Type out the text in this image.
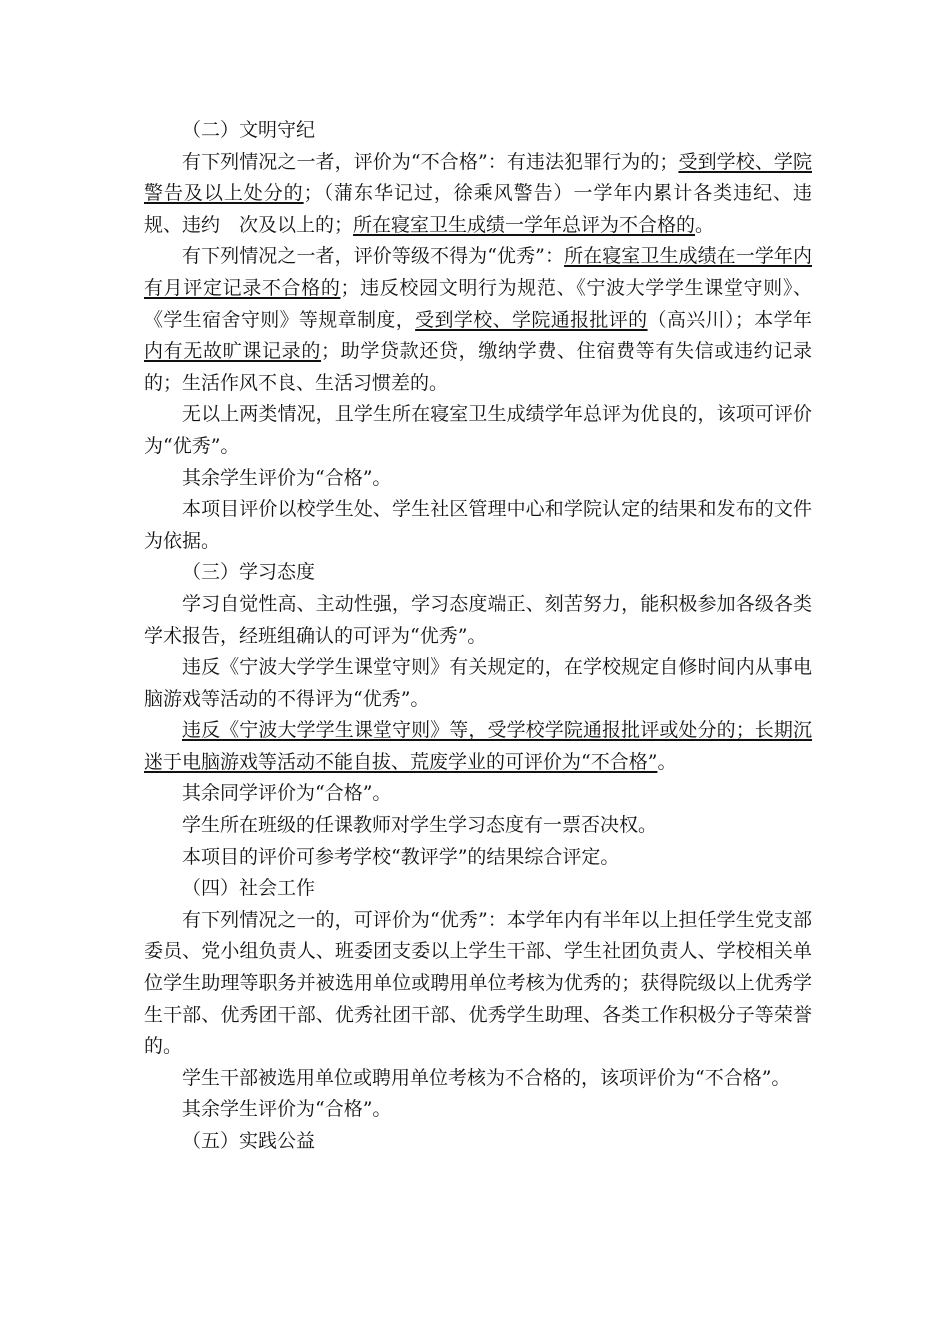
（二）文明守纪

有下列情况之一者，评价为“不合格”：有违法犯罪行为的；受到学校、学院警告及以上处分的；（蒲东华记过，徐乘风警告）一学年内累计各类违纪、违规、违约 次及以上的；所在寝室卫生成绩一学年总评为不合格的。

有下列情况之一者，评价等级不得为“优秀”：所在寝室卫生成绩在一学年内有月评定记录不合格的；违反校园文明行为规范、《宁波大学学生课堂守则》、《学生宿舍守则》等规章制度，受到学校、学院通报批评的（高兴川）；本学年内有无故旷课记录的；助学贷款还贷，缴纳学费、住宿费等有失信或违约记录的；生活作风不良、生活习惯差的。

无以上两类情况，且学生所在寝室卫生成绩学年总评为优良的，该项可评价为“优秀”。

其余学生评价为“合格”。

本项目评价以校学生处、学生社区管理中心和学院认定的结果和发布的文件为依据。

（三）学习态度

学习自觉性高、主动性强，学习态度端正、刻苦努力，能积极参加各级各类学术报告，经班组确认的可评为“优秀”。

违反《宁波大学学生课堂守则》有关规定的，在学校规定自修时间内从事电脑游戏等活动的不得评为“优秀”。

违反《宁波大学学生课堂守则》等，受学校学院通报批评或处分的；长期沉迷于电脑游戏等活动不能自拔、荒废学业的可评价为“不合格”。

其余同学评价为“合格”。

学生所在班级的任课教师对学生学习态度有一票否决权。

本项目的评价可参考学校“教评学”的结果综合评定。

（四）社会工作

有下列情况之一的，可评价为“优秀”：本学年内有半年以上担任学生党支部委员、党小组负责人、班委团支委以上学生干部、学生社团负责人、学校相关单位学生助理等职务并被选用单位或聘用单位考核为优秀的；获得院级以上优秀学生干部、优秀团干部、优秀社团干部、优秀学生助理、各类工作积极分子等荣誉的。

学生干部被选用单位或聘用单位考核为不合格的，该项评价为“不合格”。

其余学生评价为“合格”。

（五）实践公益
